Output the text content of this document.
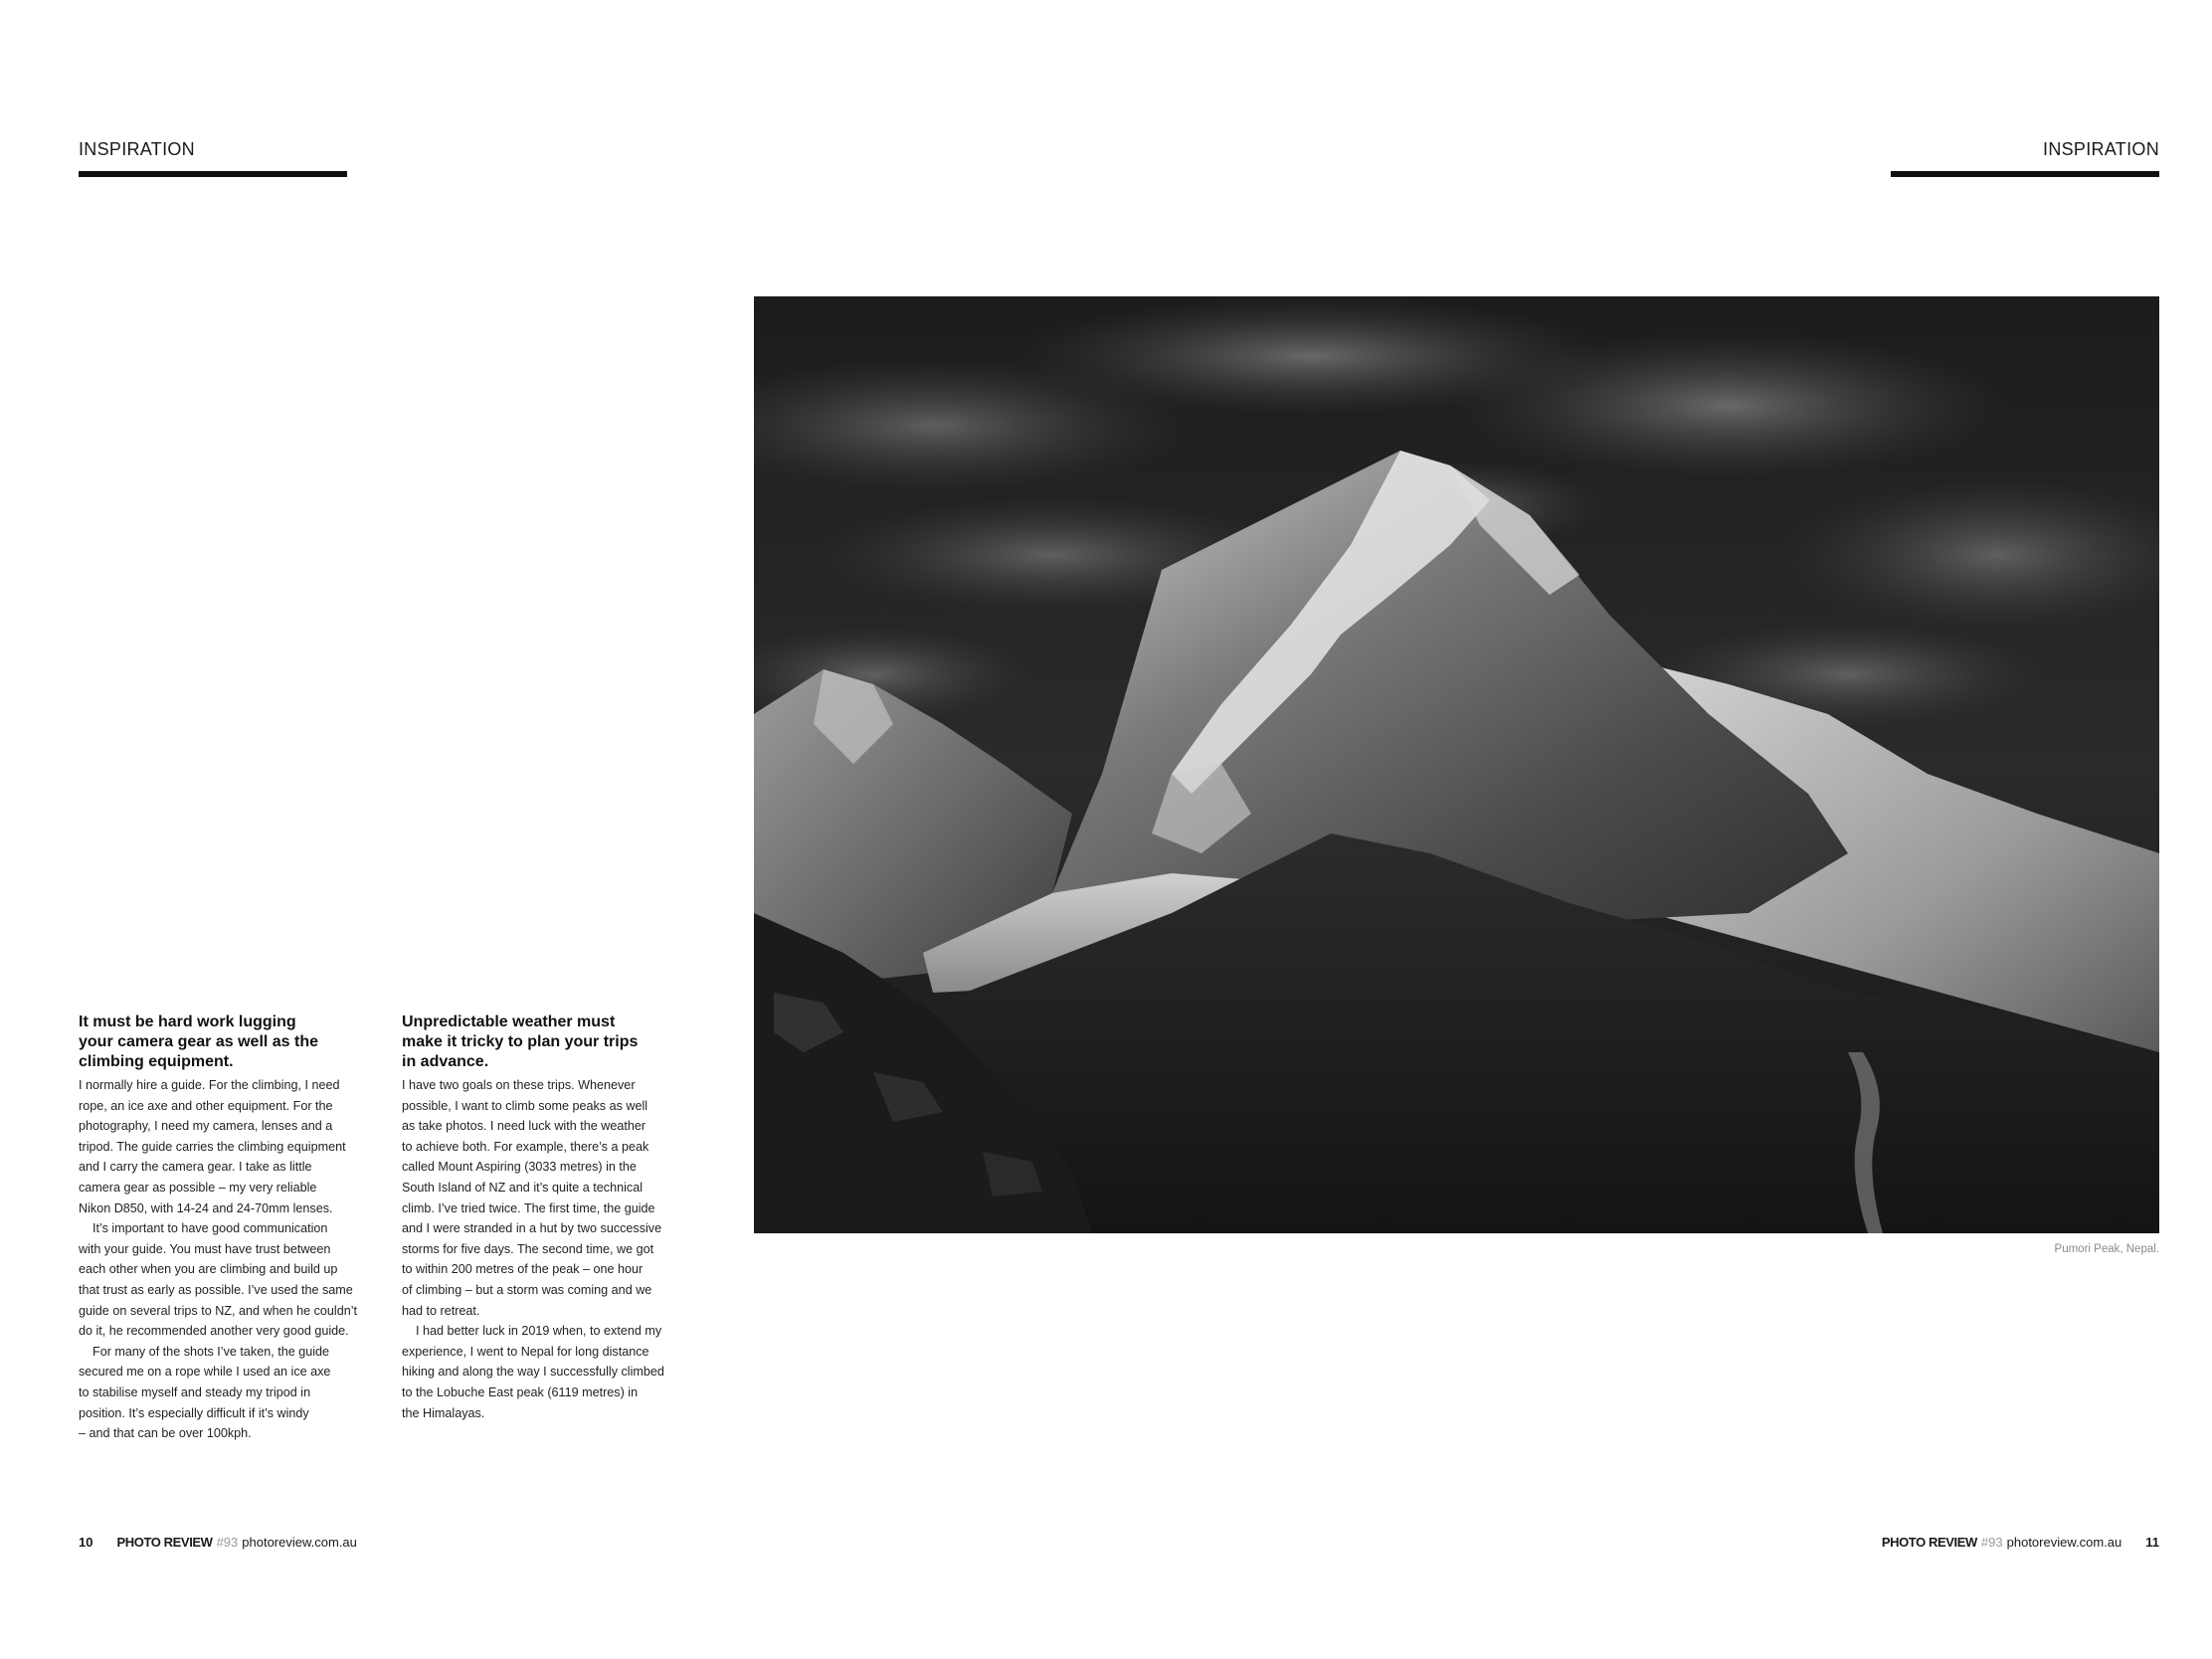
INSPIRATION	INSPIRATION

It must be hard work lugging
your camera gear as well as the
climbing equipment.

I normally hire a guide. For the climbing, I need
rope, an ice axe and other equipment. For the
photography, I need my camera, lenses and a
tripod. The guide carries the climbing equipment
and I carry the camera gear. I take as little
camera gear as possible – my very reliable
Nikon D850, with 14-24 and 24-70mm lenses.

It’s important to have good communication
with your guide. You must have trust between
each other when you are climbing and build up
that trust as early as possible. I’ve used the same
guide on several trips to NZ, and when he couldn’t
do it, he recommended another very good guide.

For many of the shots I’ve taken, the guide
secured me on a rope while I used an ice axe
to stabilise myself and steady my tripod in
position. It’s especially difficult if it’s windy
– and that can be over 100kph.

Unpredictable weather must
make it tricky to plan your trips
in advance.

I have two goals on these trips. Whenever
possible, I want to climb some peaks as well
as take photos. I need luck with the weather
to achieve both. For example, there’s a peak
called Mount Aspiring (3033 metres) in the
South Island of NZ and it’s quite a technical
climb. I’ve tried twice. The first time, the guide
and I were stranded in a hut by two successive
storms for five days. The second time, we got
to within 200 metres of the peak – one hour
of climbing – but a storm was coming and we
had to retreat.

I had better luck in 2019 when, to extend my
experience, I went to Nepal for long distance
hiking and along the way I successfully climbed
to the Lobuche East peak (6119 metres) in
the Himalayas.

Pumori Peak, Nepal.
10 PHOTO REVIEW #93 photoreview.com.au	PHOTO REVIEW #93 photoreview.com.au 11
